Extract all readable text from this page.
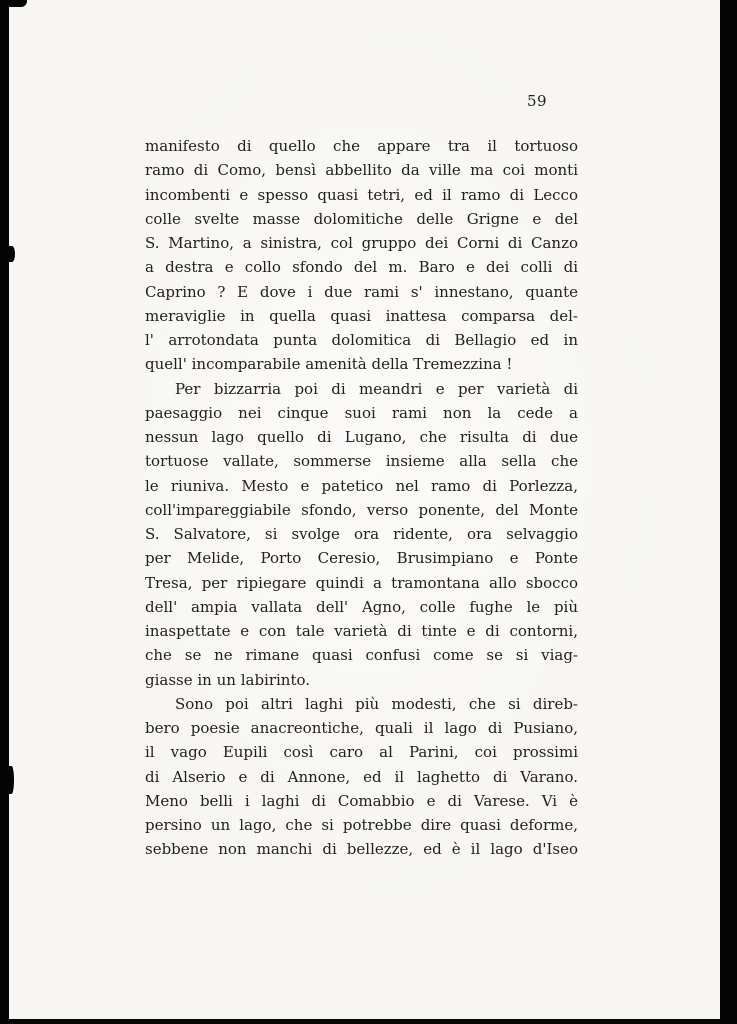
59
manifesto di quello che appare tra il tortuoso
ramo di Como, bensì abbellito da ville ma coi monti
incombenti e spesso quasi tetri, ed il ramo di Lecco
colle svelte masse dolomitiche delle Grigne e del
S. Martino, a sinistra, col gruppo dei Corni di Canzo
a destra e collo sfondo del m. Baro e dei colli di
Caprino ? E dove i due rami s' innestano, quante
meraviglie in quella quasi inattesa comparsa del-
l' arrotondata punta dolomitica di Bellagio ed in
quell' incomparabile amenità della Tremezzina !
Per bizzarria poi di meandri e per varietà di
paesaggio nei cinque suoi rami non la cede a
nessun lago quello di Lugano, che risulta di due
tortuose vallate, sommerse insieme alla sella che
le riuniva. Mesto e patetico nel ramo di Porlezza,
coll'impareggiabile sfondo, verso ponente, del Monte
S. Salvatore, si svolge ora ridente, ora selvaggio
per Melide, Porto Ceresio, Brusimpiano e Ponte
Tresa, per ripiegare quindi a tramontana allo sbocco
dell' ampia vallata dell' Agno, colle fughe le più
inaspettate e con tale varietà di tinte e di contorni,
che se ne rimane quasi confusi come se si viag-
giasse in un labirinto.
Sono poi altri laghi più modesti, che si direb-
bero poesie anacreontiche, quali il lago di Pusiano,
il vago Eupili così caro al Parini, coi prossimi
di Alserio e di Annone, ed il laghetto di Varano.
Meno belli i laghi di Comabbio e di Varese. Vi è
persino un lago, che si potrebbe dire quasi deforme,
sebbene non manchi di bellezze, ed è il lago d'Iseo
